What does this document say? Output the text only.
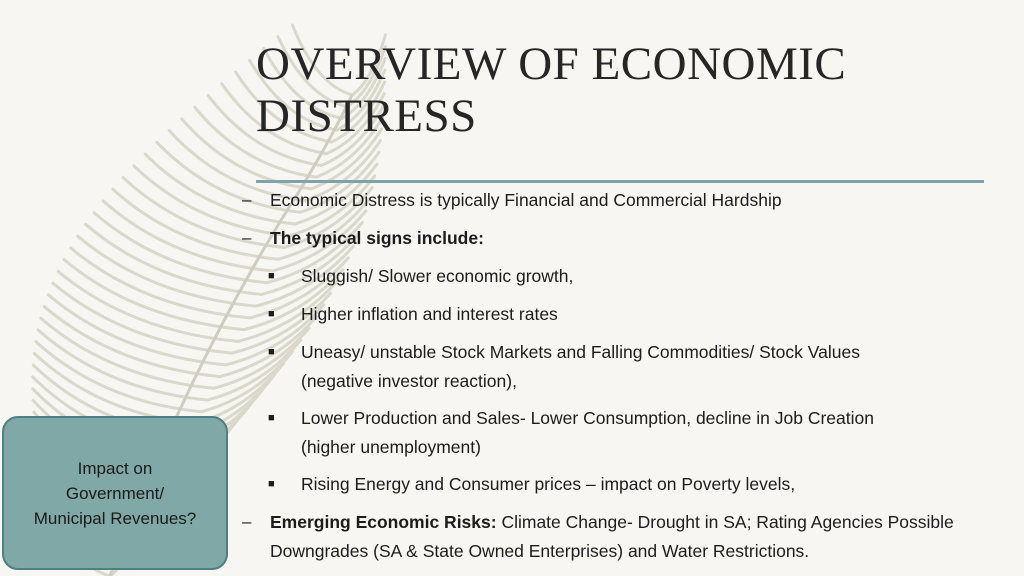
OVERVIEW OF ECONOMIC
DISTRESS
– Economic Distress is typically Financial and Commercial Hardship
– The typical signs include:
■ Sluggish/ Slower economic growth,
■ Higher inflation and interest rates
■ Uneasy/ unstable Stock Markets and Falling Commodities/ Stock Values
(negative investor reaction),
■ Lower Production and Sales- Lower Consumption, decline in Job Creation
(higher unemployment)
■ Rising Energy and Consumer prices – impact on Poverty levels,
– Emerging Economic Risks: Climate Change- Drought in SA; Rating Agencies Possible
Downgrades (SA & State Owned Enterprises) and Water Restrictions.
Impact on
Government/
Municipal Revenues?
